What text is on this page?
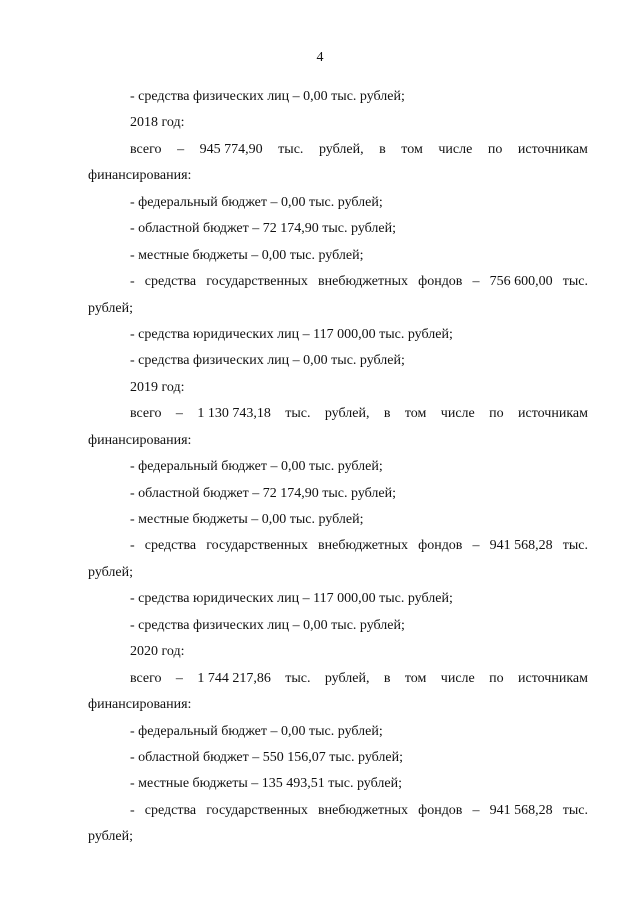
4
- средства физических лиц – 0,00 тыс. рублей;
2018 год:
всего – 945 774,90 тыс. рублей, в том числе по источникам
финансирования:
- федеральный бюджет – 0,00 тыс. рублей;
- областной бюджет – 72 174,90 тыс. рублей;
- местные бюджеты – 0,00 тыс. рублей;
- средства государственных внебюджетных фондов – 756 600,00 тыс.
рублей;
- средства юридических лиц – 117 000,00 тыс. рублей;
- средства физических лиц – 0,00 тыс. рублей;
2019 год:
всего – 1 130 743,18 тыс. рублей, в том числе по источникам
финансирования:
- федеральный бюджет – 0,00 тыс. рублей;
- областной бюджет – 72 174,90 тыс. рублей;
- местные бюджеты – 0,00 тыс. рублей;
- средства государственных внебюджетных фондов – 941 568,28 тыс.
рублей;
- средства юридических лиц – 117 000,00 тыс. рублей;
- средства физических лиц – 0,00 тыс. рублей;
2020 год:
всего – 1 744 217,86 тыс. рублей, в том числе по источникам
финансирования:
- федеральный бюджет – 0,00 тыс. рублей;
- областной бюджет – 550 156,07 тыс. рублей;
- местные бюджеты – 135 493,51 тыс. рублей;
- средства государственных внебюджетных фондов – 941 568,28 тыс.
рублей;
